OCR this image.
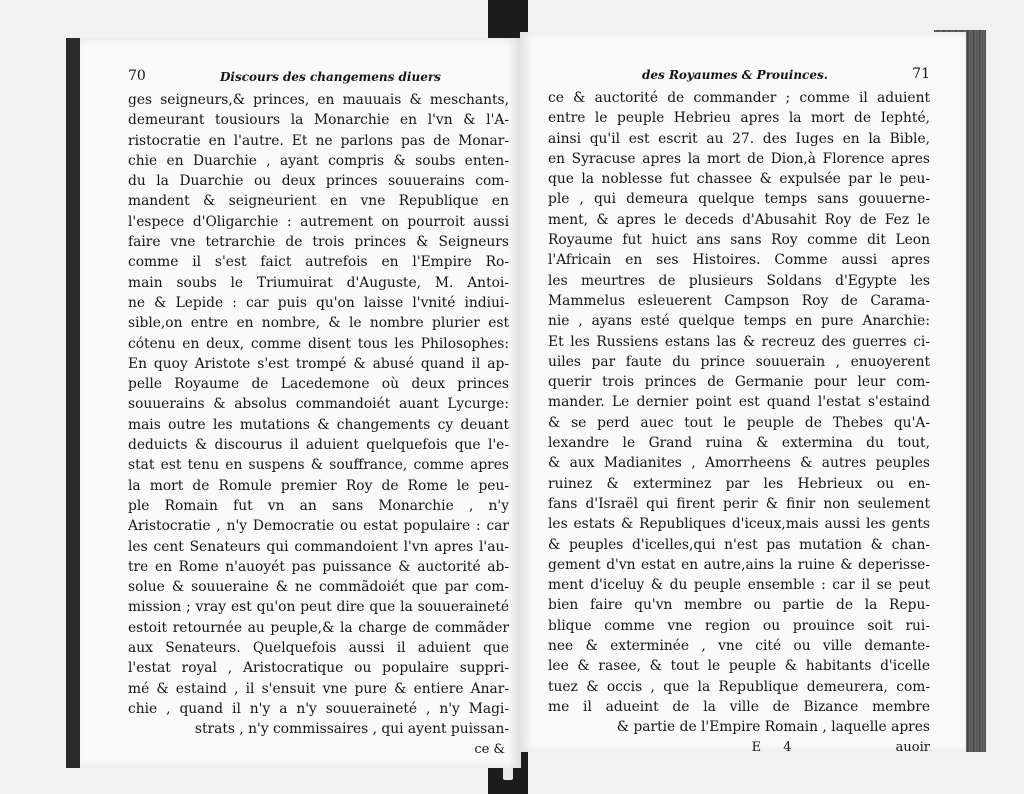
70	Discours des changemens diuers
ges seigneurs,& princes, en mauuais & meschants,
demeurant tousiours la Monarchie en l'vn & l'A-
ristocratie en l'autre. Et ne parlons pas de Monar-
chie en Duarchie , ayant compris & soubs enten-
du la Duarchie ou deux princes souuerains com-
mandent & seigneurient en vne Republique en
l'espece d'Oligarchie : autrement on pourroit aussi
faire vne tetrarchie de trois princes & Seigneurs
comme il s'est faict autrefois en l'Empire Ro-
main soubs le Triumuirat d'Auguste, M. Antoi-
ne & Lepide : car puis qu'on laisse l'vnité indiui-
sible,on entre en nombre, & le nombre plurier est
cótenu en deux, comme disent tous les Philosophes:
En quoy Aristote s'est trompé & abusé quand il ap-
pelle Royaume de Lacedemone où deux princes
souuerains & absolus commandoiét auant Lycurge:
mais outre les mutations & changements cy deuant
deduicts & discourus il aduient quelquefois que l'e-
stat est tenu en suspens & souffrance, comme apres
la mort de Romule premier Roy de Rome le peu-
ple Romain fut vn an sans Monarchie , n'y
Aristocratie , n'y Democratie ou estat populaire : car
les cent Senateurs qui commandoient l'vn apres l'au-
tre en Rome n'auoyét pas puissance & auctorité ab-
solue & souueraine & ne commãdoiét que par com-
mission ; vray est qu'on peut dire que la souueraineté
estoit retournée au peuple,& la charge de commãder
aux Senateurs. Quelquefois aussi il aduient que
l'estat royal , Aristocratique ou populaire suppri-
mé & estaind , il s'ensuit vne pure & entiere Anar-
chie , quand il n'y a n'y souueraineté , n'y Magi-
strats , n'y commissaires , qui ayent puissan-
ce &
des Royaumes & Prouinces.	71
ce & auctorité de commander ; comme il aduient
entre le peuple Hebrieu apres la mort de Iephté,
ainsi qu'il est escrit au 27. des Iuges en la Bible,
en Syracuse apres la mort de Dion,à Florence apres
que la noblesse fut chassee & expulsée par le peu-
ple , qui demeura quelque temps sans gouuerne-
ment, & apres le deceds d'Abusahit Roy de Fez le
Royaume fut huict ans sans Roy comme dit Leon
l'Africain en ses Histoires. Comme aussi apres
les meurtres de plusieurs Soldans d'Egypte les
Mammelus esleuerent Campson Roy de Carama-
nie , ayans esté quelque temps en pure Anarchie:
Et les Russiens estans las & recreuz des guerres ci-
uiles par faute du prince souuerain , enuoyerent
querir trois princes de Germanie pour leur com-
mander. Le dernier point est quand l'estat s'estaind
& se perd auec tout le peuple de Thebes qu'A-
lexandre le Grand ruina & extermina du tout,
& aux Madianites , Amorrheens & autres peuples
ruinez & exterminez par les Hebrieux ou en-
fans d'Israël qui firent perir & finir non seulement
les estats & Republiques d'iceux,mais aussi les gents
& peuples d'icelles,qui n'est pas mutation & chan-
gement d'vn estat en autre,ains la ruine & deperisse-
ment d'iceluy & du peuple ensemble : car il se peut
bien faire qu'vn membre ou partie de la Repu-
blique comme vne region ou prouince soit rui-
nee & exterminée , vne cité ou ville demante-
lee & rasee, & tout le peuple & habitants d'icelle
tuez & occis , que la Republique demeurera, com-
me il adueint de la ville de Bizance membre
& partie de l'Empire Romain , laquelle apres
E 4	auoir
